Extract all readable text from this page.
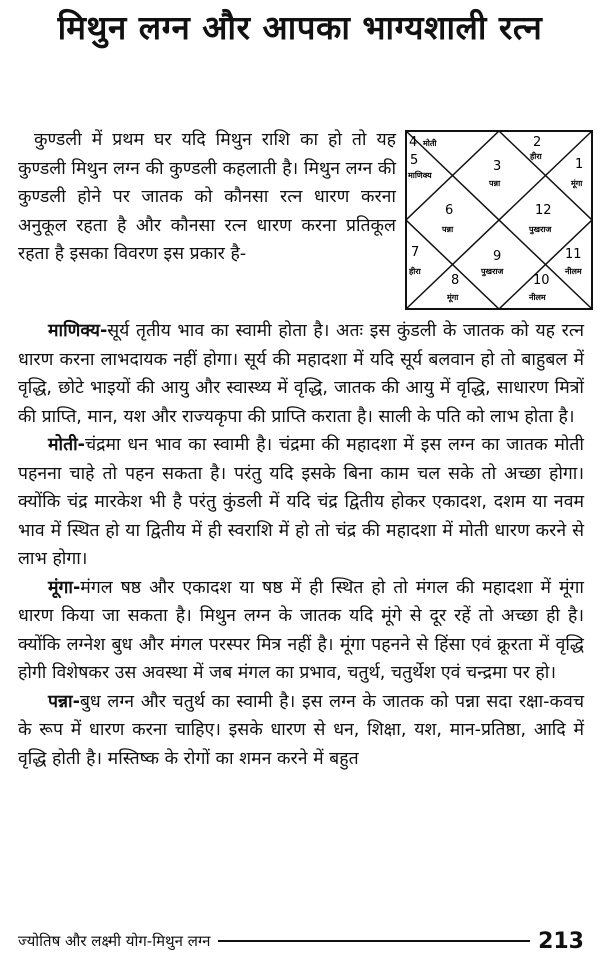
मिथुन लग्न और आपका भाग्यशाली रत्न

कुण्डली में प्रथम घर यदि मिथुन राशि का हो तो यह कुण्डली मिथुन लग्न की कुण्डली कहलाती है। मिथुन लग्न की कुण्डली होने पर जातक को कौनसा रत्न धारण करना अनुकूल रहता है और कौनसा रत्न धारण करना प्रतिकूल रहता है इसका विवरण इस प्रकार है-

4 मोती	2
हीरा
5
माणिक्य
3
पन्ना
1
मूंगा
6
पन्ना
12
पुखराज
7
हीरा
9
पुखराज
11
नीलम
8
मूंगा
10
नीलम

माणिक्य-सूर्य तृतीय भाव का स्वामी होता है। अतः इस कुंडली के जातक को यह रत्न धारण करना लाभदायक नहीं होगा। सूर्य की महादशा में यदि सूर्य बलवान हो तो बाहुबल में वृद्धि, छोटे भाइयों की आयु और स्वास्थ्य में वृद्धि, जातक की आयु में वृद्धि, साधारण मित्रों की प्राप्ति, मान, यश और राज्यकृपा की प्राप्ति कराता है। साली के पति को लाभ होता है।

मोती-चंद्रमा धन भाव का स्वामी है। चंद्रमा की महादशा में इस लग्न का जातक मोती पहनना चाहे तो पहन सकता है। परंतु यदि इसके बिना काम चल सके तो अच्छा होगा। क्योंकि चंद्र मारकेश भी है परंतु कुंडली में यदि चंद्र द्वितीय होकर एकादश, दशम या नवम भाव में स्थित हो या द्वितीय में ही स्वराशि में हो तो चंद्र की महादशा में मोती धारण करने से लाभ होगा।

मूंगा-मंगल षष्ठ और एकादश या षष्ठ में ही स्थित हो तो मंगल की महादशा में मूंगा धारण किया जा सकता है। मिथुन लग्न के जातक यदि मूंगे से दूर रहें तो अच्छा ही है। क्योंकि लग्नेश बुध और मंगल परस्पर मित्र नहीं है। मूंगा पहनने से हिंसा एवं क्रूरता में वृद्धि होगी विशेषकर उस अवस्था में जब मंगल का प्रभाव, चतुर्थ, चतुर्थेश एवं चन्द्रमा पर हो।

पन्ना-बुध लग्न और चतुर्थ का स्वामी है। इस लग्न के जातक को पन्ना सदा रक्षा-कवच के रूप में धारण करना चाहिए। इसके धारण से धन, शिक्षा, यश, मान-प्रतिष्ठा, आदि में वृद्धि होती है। मस्तिष्क के रोगों का शमन करने में बहुत

ज्योतिष और लक्ष्मी योग-मिथुन लग्न	213
